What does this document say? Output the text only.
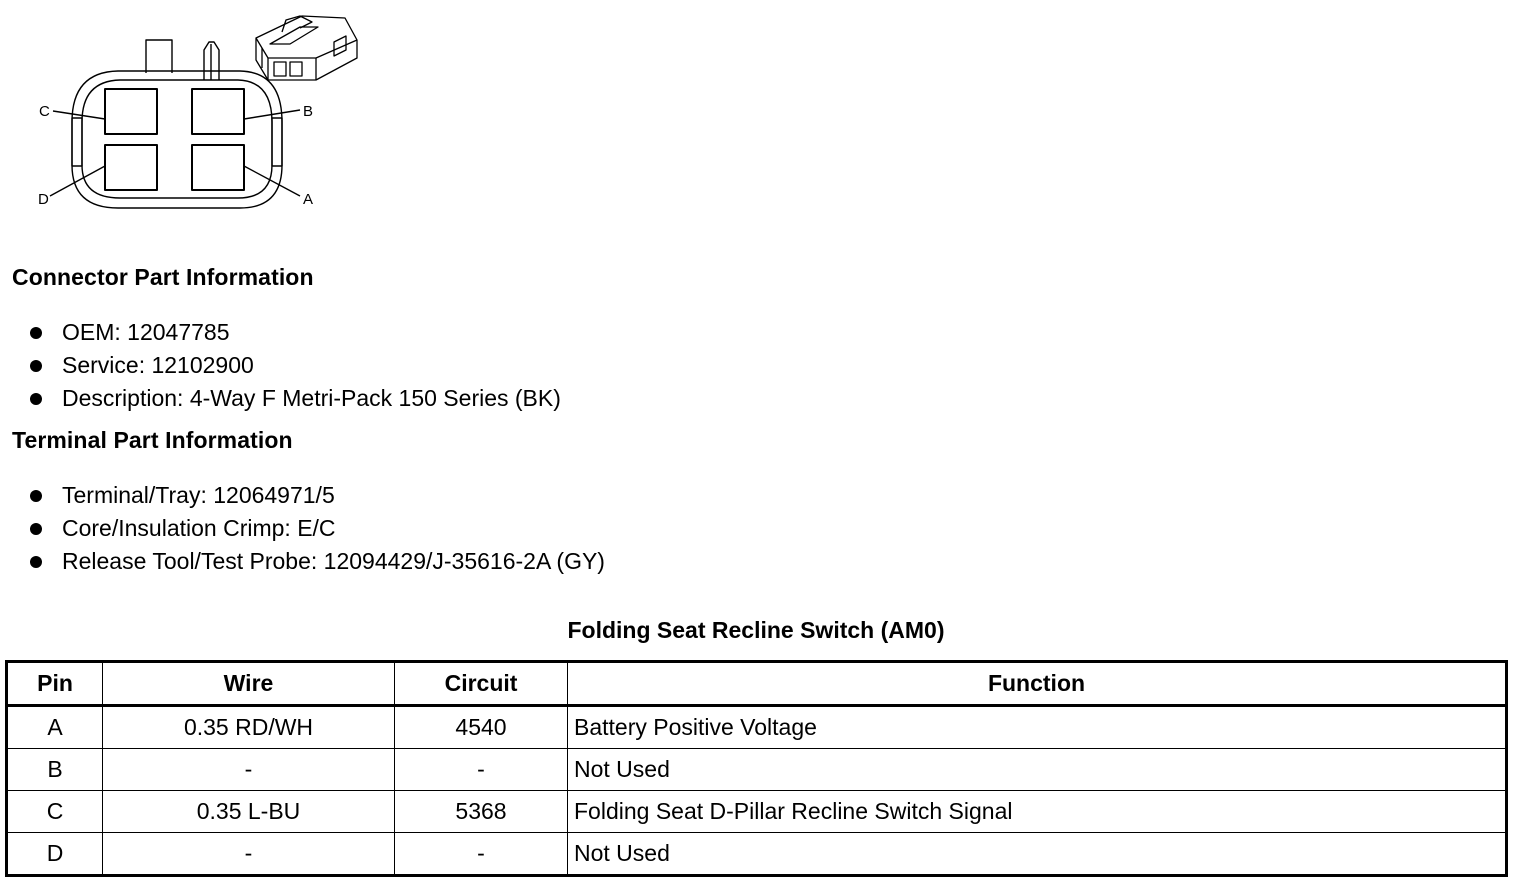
C	B
D	A
Connector Part Information
OEM: 12047785
Service: 12102900
Description: 4-Way F Metri-Pack 150 Series (BK)
Terminal Part Information
Terminal/Tray: 12064971/5
Core/Insulation Crimp: E/C
Release Tool/Test Probe: 12094429/J-35616-2A (GY)
Folding Seat Recline Switch (AM0)
Pin	Wire	Circuit	Function
A	0.35 RD/WH	4540	Battery Positive Voltage
B	-	-	Not Used
C	0.35 L-BU	5368	Folding Seat D-Pillar Recline Switch Signal
D	-	-	Not Used
